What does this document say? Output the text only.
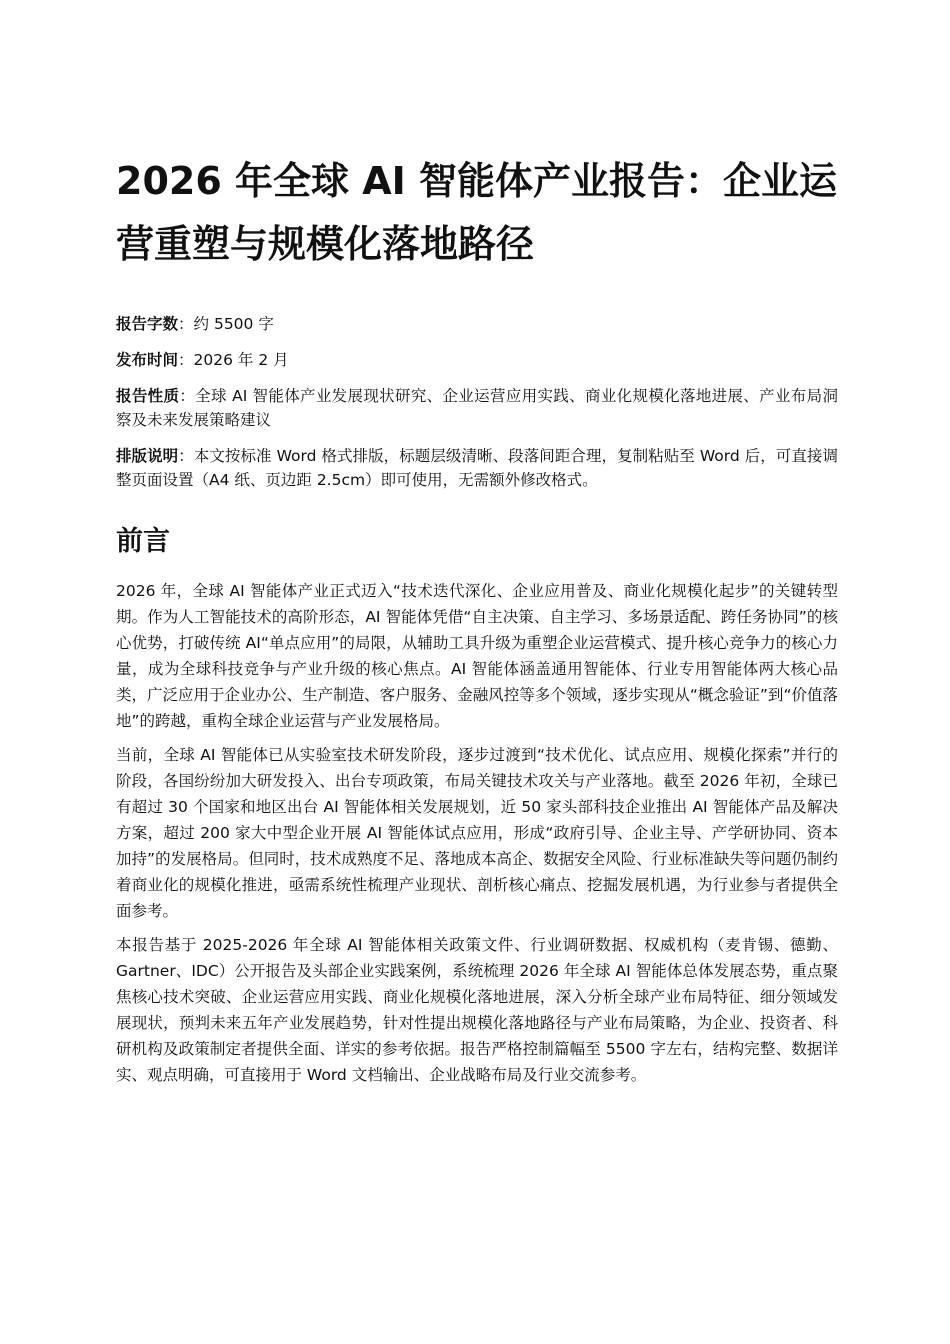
2026 年全球 AI 智能体产业报告：企业运营重塑与规模化落地路径

报告字数：约 5500 字

发布时间：2026 年 2 月

报告性质：全球 AI 智能体产业发展现状研究、企业运营应用实践、商业化规模化落地进展、产业布局洞察及未来发展策略建议

排版说明：本文按标准 Word 格式排版，标题层级清晰、段落间距合理，复制粘贴至 Word 后，可直接调整页面设置（A4 纸、页边距 2.5cm）即可使用，无需额外修改格式。

前言

2026 年，全球 AI 智能体产业正式迈入“技术迭代深化、企业应用普及、商业化规模化起步”的关键转型期。作为人工智能技术的高阶形态，AI 智能体凭借“自主决策、自主学习、多场景适配、跨任务协同”的核心优势，打破传统 AI“单点应用”的局限，从辅助工具升级为重塑企业运营模式、提升核心竞争力的核心力量，成为全球科技竞争与产业升级的核心焦点。AI 智能体涵盖通用智能体、行业专用智能体两大核心品类，广泛应用于企业办公、生产制造、客户服务、金融风控等多个领域，逐步实现从“概念验证”到“价值落地”的跨越，重构全球企业运营与产业发展格局。

当前，全球 AI 智能体已从实验室技术研发阶段，逐步过渡到“技术优化、试点应用、规模化探索”并行的阶段，各国纷纷加大研发投入、出台专项政策，布局关键技术攻关与产业落地。截至 2026 年初，全球已有超过 30 个国家和地区出台 AI 智能体相关发展规划，近 50 家头部科技企业推出 AI 智能体产品及解决方案，超过 200 家大中型企业开展 AI 智能体试点应用，形成“政府引导、企业主导、产学研协同、资本加持”的发展格局。但同时，技术成熟度不足、落地成本高企、数据安全风险、行业标准缺失等问题仍制约着商业化的规模化推进，亟需系统性梳理产业现状、剖析核心痛点、挖掘发展机遇，为行业参与者提供全面参考。

本报告基于 2025-2026 年全球 AI 智能体相关政策文件、行业调研数据、权威机构（麦肯锡、德勤、Gartner、IDC）公开报告及头部企业实践案例，系统梳理 2026 年全球 AI 智能体总体发展态势，重点聚焦核心技术突破、企业运营应用实践、商业化规模化落地进展，深入分析全球产业布局特征、细分领域发展现状，预判未来五年产业发展趋势，针对性提出规模化落地路径与产业布局策略，为企业、投资者、科研机构及政策制定者提供全面、详实的参考依据。报告严格控制篇幅至 5500 字左右，结构完整、数据详实、观点明确，可直接用于 Word 文档输出、企业战略布局及行业交流参考。
